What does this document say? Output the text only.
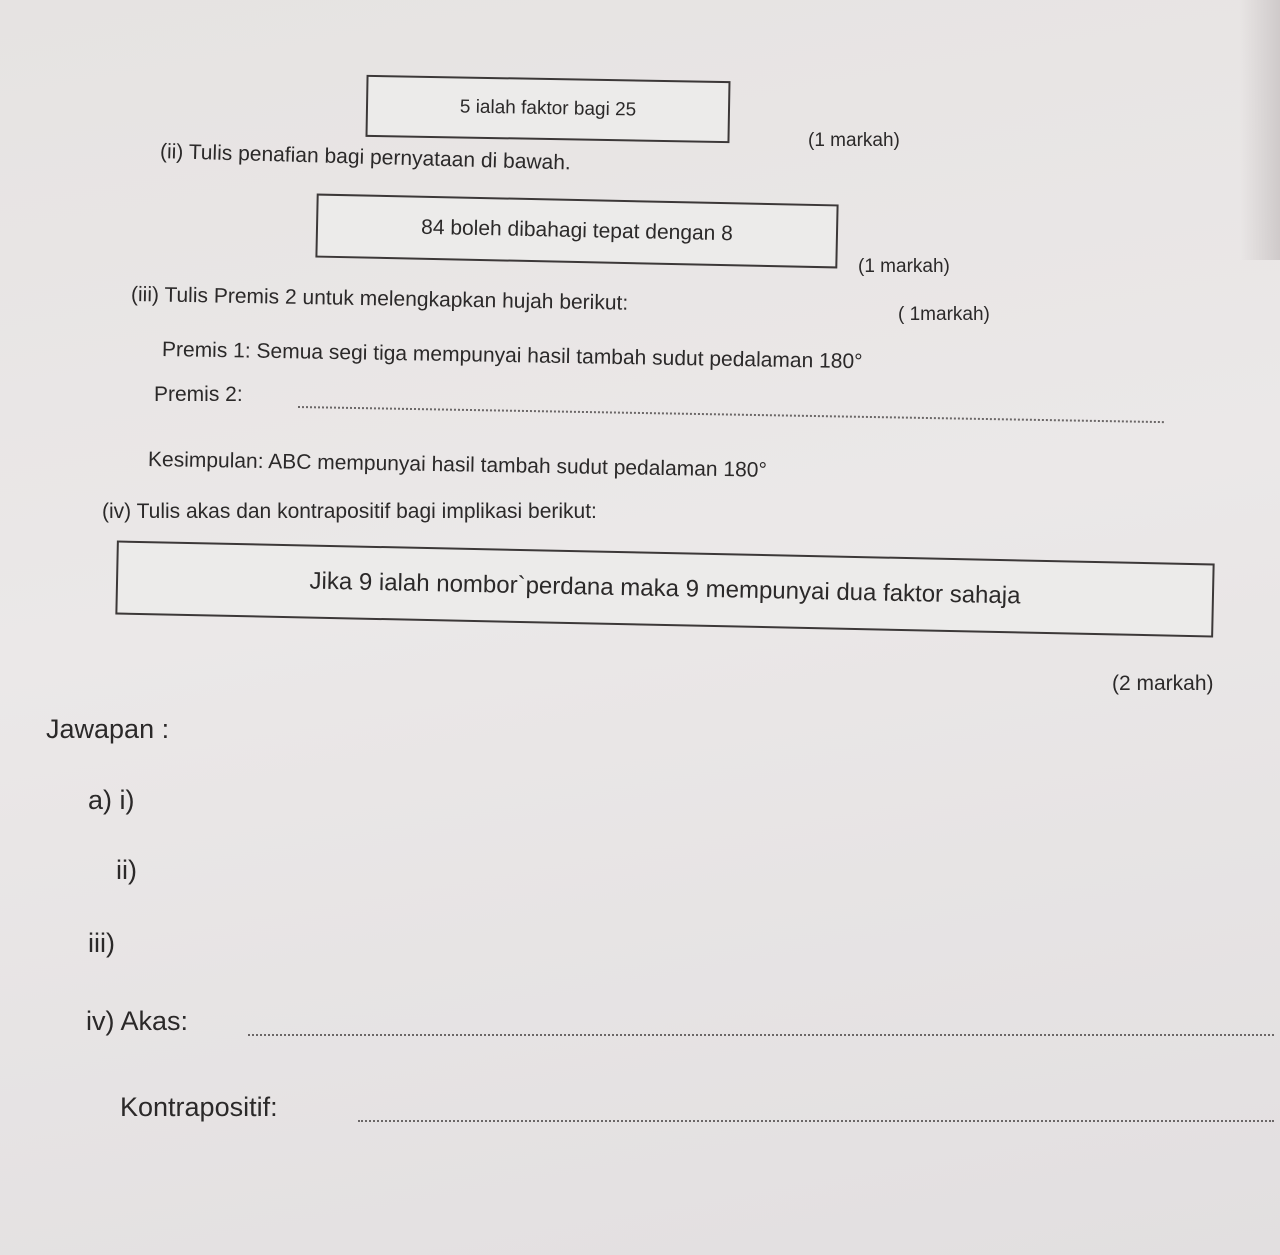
5 ialah faktor bagi 25
(1 markah)
(ii) Tulis penafian bagi pernyataan di bawah.
84 boleh dibahagi tepat dengan 8
(1 markah)
(iii) Tulis Premis 2 untuk melengkapkan hujah berikut:	( 1markah)
Premis 1: Semua segi tiga mempunyai hasil tambah sudut pedalaman 180°
Premis 2:
Kesimpulan: ABC mempunyai hasil tambah sudut pedalaman 180°
(iv) Tulis akas dan kontrapositif bagi implikasi berikut:
Jika 9 ialah nombor`perdana maka 9 mempunyai dua faktor sahaja
(2 markah)
Jawapan :
a) i)
ii)
iii)
iv) Akas:
Kontrapositif:
